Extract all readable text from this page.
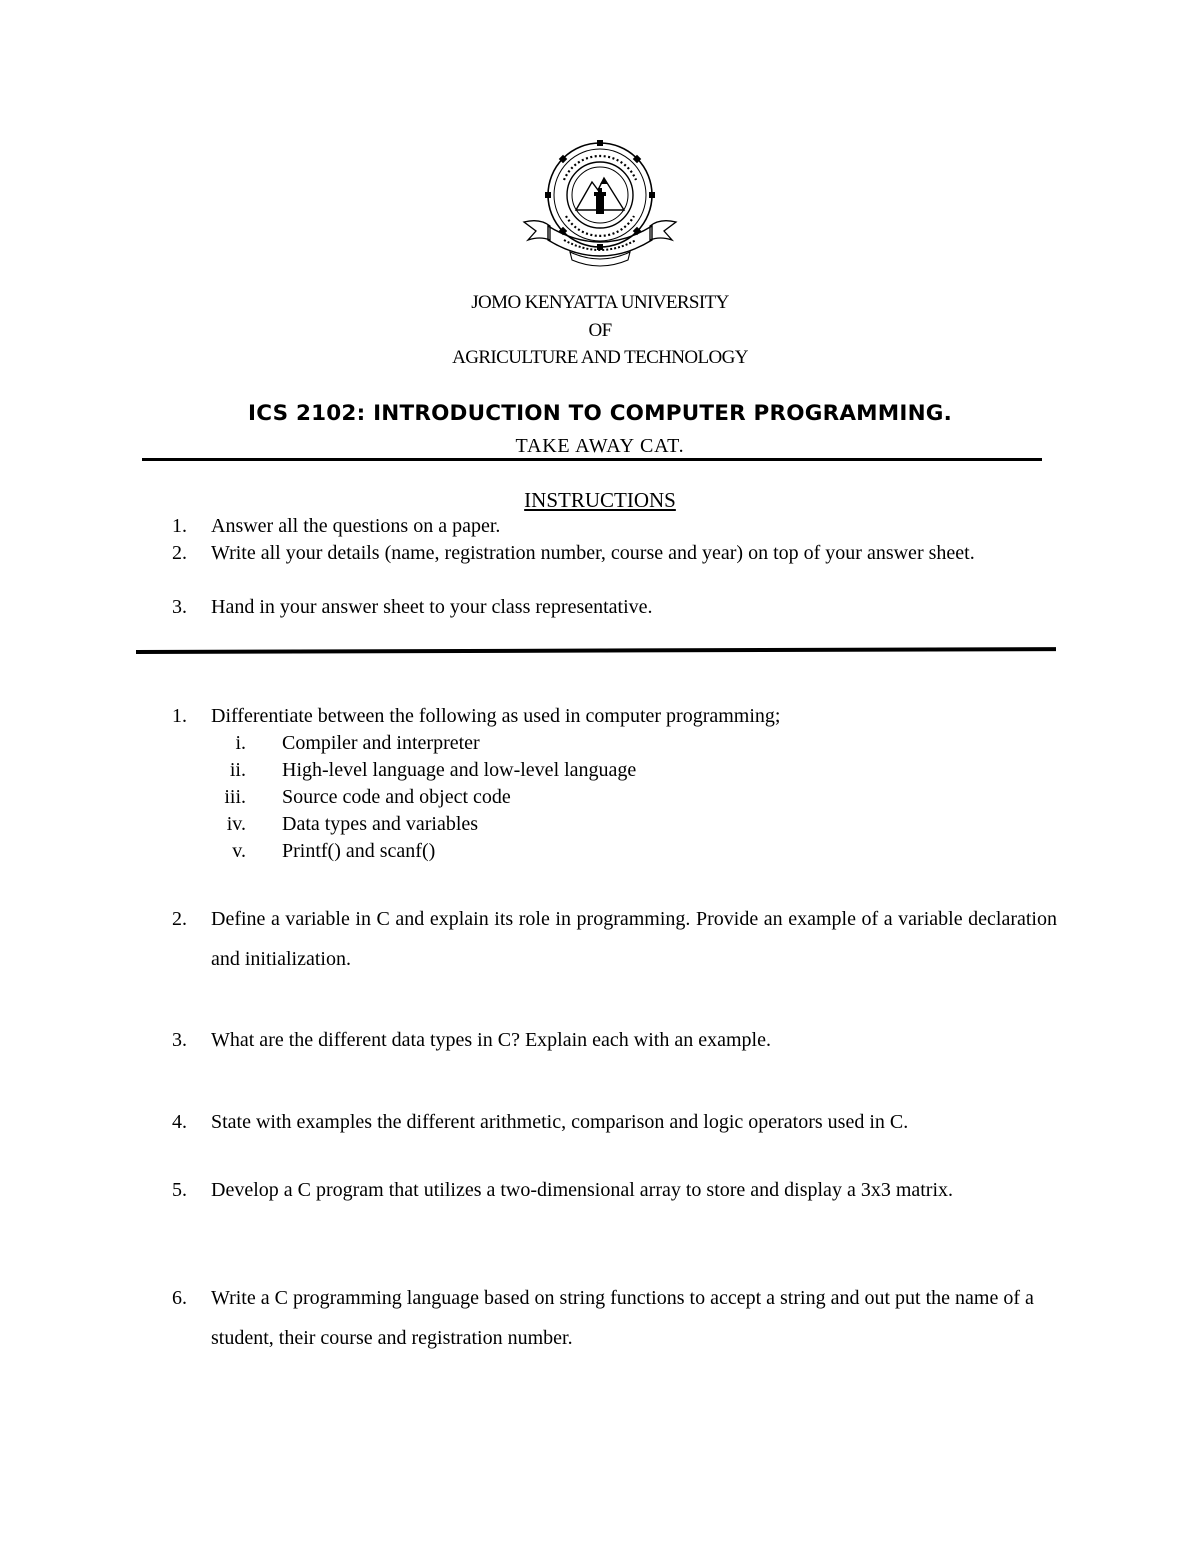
JOMO KENYATTA UNIVERSITY
OF
AGRICULTURE AND TECHNOLOGY
ICS 2102: INTRODUCTION TO COMPUTER PROGRAMMING.
TAKE AWAY CAT.
INSTRUCTIONS
1.	Answer all the questions on a paper.
2.	Write all your details (name, registration number, course and year) on top of your answer sheet.
3.	Hand in your answer sheet to your class representative.
1.	Differentiate between the following as used in computer programming;
i. Compiler and interpreter
ii. High-level language and low-level language
iii. Source code and object code
iv. Data types and variables
v. Printf() and scanf()
2.	Define a variable in C and explain its role in programming. Provide an example of a variable declaration and initialization.
3.	What are the different data types in C? Explain each with an example.
4.	State with examples the different arithmetic, comparison and logic operators used in C.
5.	Develop a C program that utilizes a two-dimensional array to store and display a 3x3 matrix.
6.	Write a C programming language based on string functions to accept a string and out put the name of a student, their course and registration number.
